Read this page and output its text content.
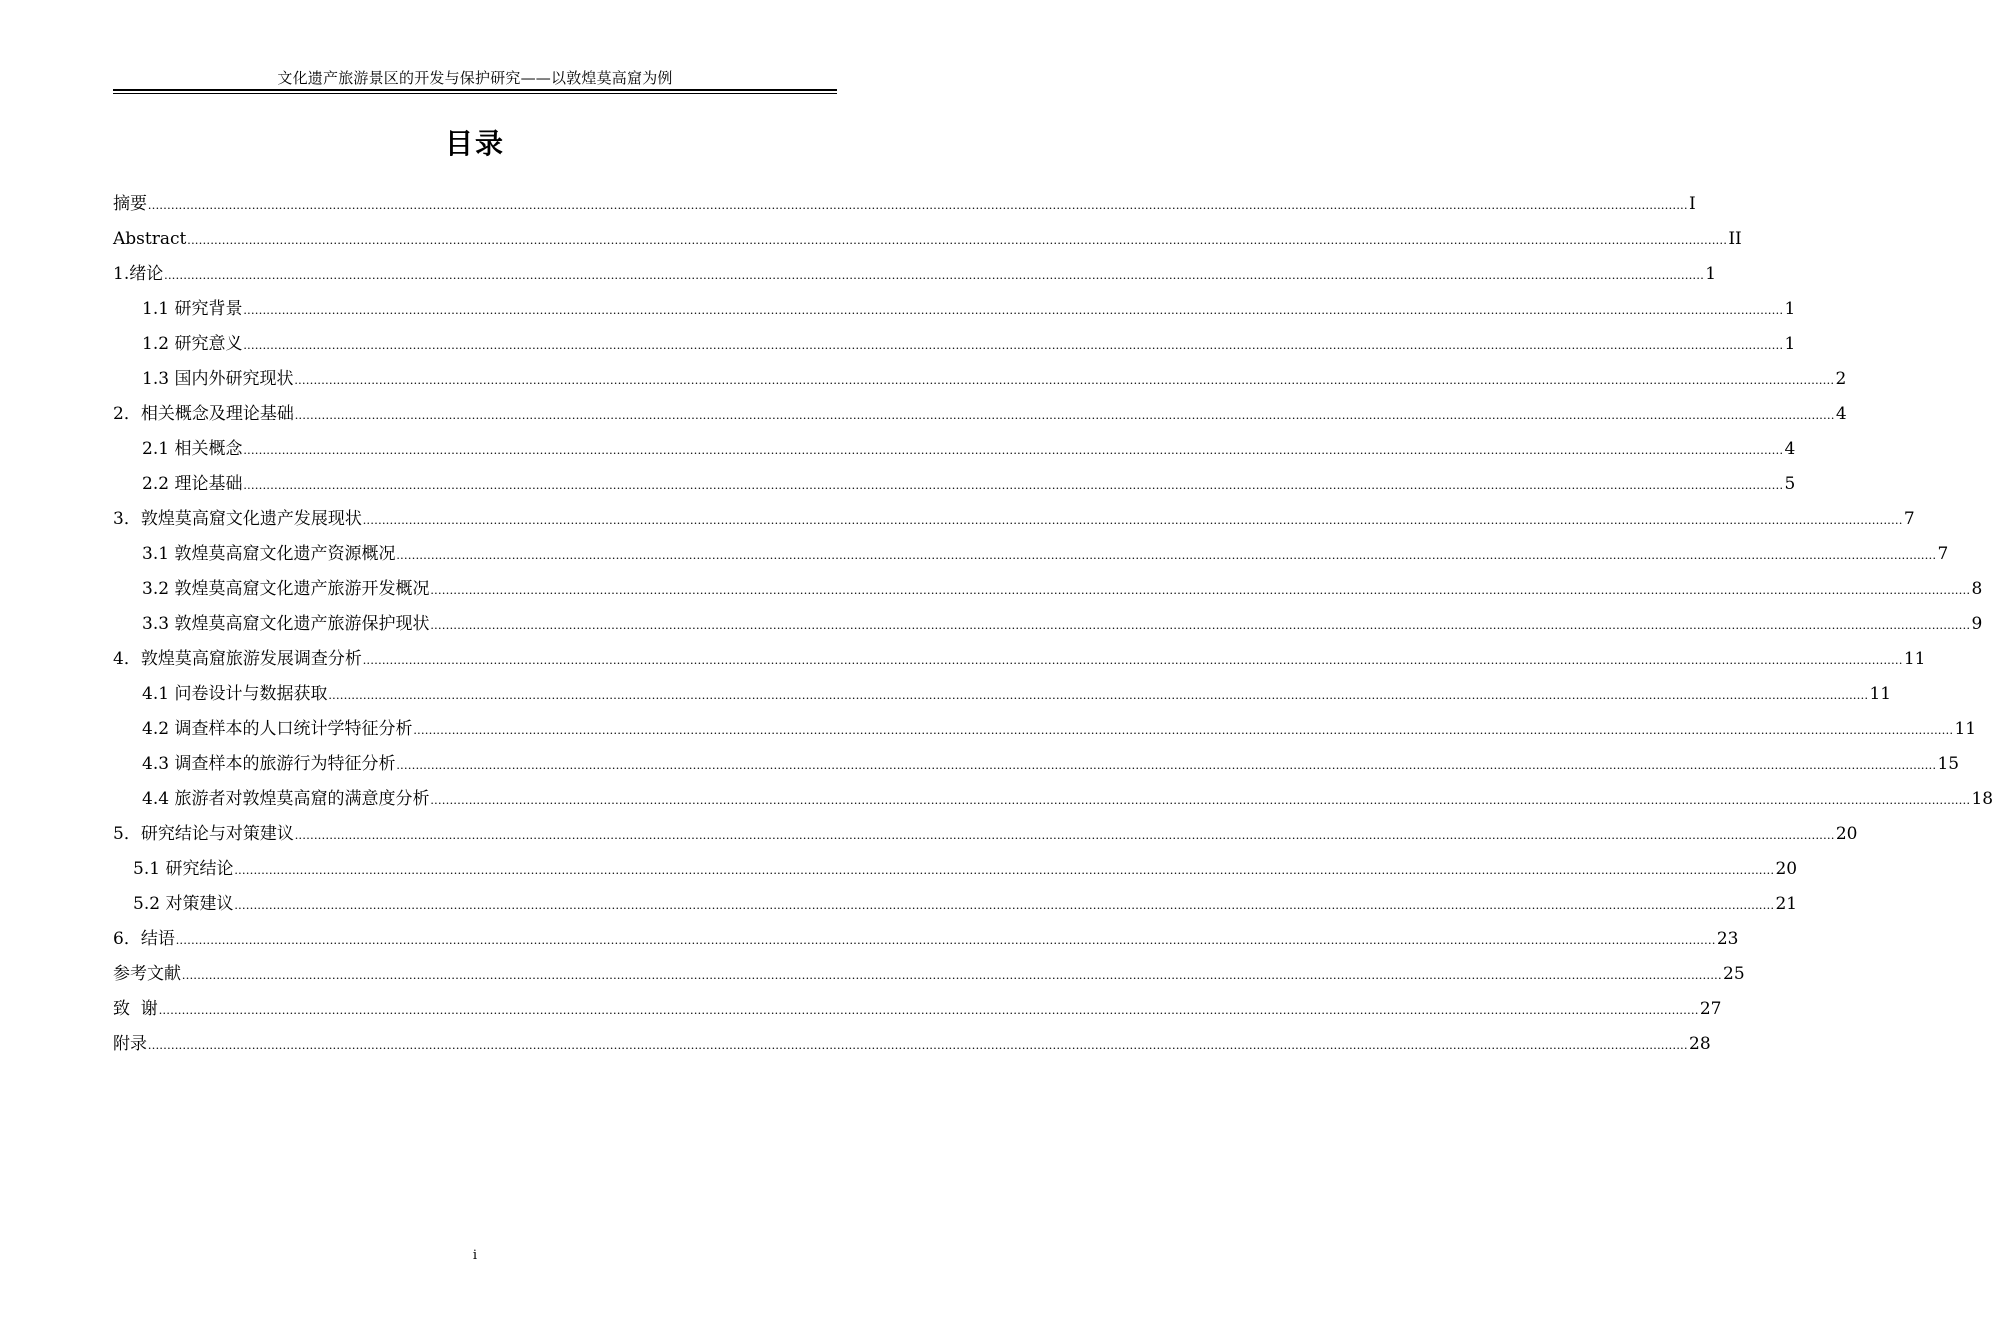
文化遗产旅游景区的开发与保护研究——以敦煌莫高窟为例
目录
摘要 ................................................................................................................................................................................................................................................................................................................................................................................................................ I
Abstract ................................................................................................................................................................................................................................................................................................................................................................................................................ II
1.绪论 ................................................................................................................................................................................................................................................................................................................................................................................................................ 1
1.1 研究背景 ................................................................................................................................................................................................................................................................................................................................................................................................................ 1
1.2 研究意义 ................................................................................................................................................................................................................................................................................................................................................................................................................ 1
1.3 国内外研究现状 ................................................................................................................................................................................................................................................................................................................................................................................................................ 2
2．相关概念及理论基础 ................................................................................................................................................................................................................................................................................................................................................................................................................ 4
2.1 相关概念 ................................................................................................................................................................................................................................................................................................................................................................................................................ 4
2.2 理论基础 ................................................................................................................................................................................................................................................................................................................................................................................................................ 5
3．敦煌莫高窟文化遗产发展现状 ................................................................................................................................................................................................................................................................................................................................................................................................................ 7
3.1 敦煌莫高窟文化遗产资源概况 ................................................................................................................................................................................................................................................................................................................................................................................................................ 7
3.2 敦煌莫高窟文化遗产旅游开发概况 ................................................................................................................................................................................................................................................................................................................................................................................................................ 8
3.3 敦煌莫高窟文化遗产旅游保护现状 ................................................................................................................................................................................................................................................................................................................................................................................................................ 9
4．敦煌莫高窟旅游发展调查分析 ................................................................................................................................................................................................................................................................................................................................................................................................................ 11
4.1 问卷设计与数据获取 ................................................................................................................................................................................................................................................................................................................................................................................................................ 11
4.2 调查样本的人口统计学特征分析 ................................................................................................................................................................................................................................................................................................................................................................................................................ 11
4.3 调查样本的旅游行为特征分析 ................................................................................................................................................................................................................................................................................................................................................................................................................ 15
4.4 旅游者对敦煌莫高窟的满意度分析 ................................................................................................................................................................................................................................................................................................................................................................................................................ 18
5．研究结论与对策建议 ................................................................................................................................................................................................................................................................................................................................................................................................................ 20
5.1 研究结论 ................................................................................................................................................................................................................................................................................................................................................................................................................ 20
5.2 对策建议 ................................................................................................................................................................................................................................................................................................................................................................................................................ 21
6．结语 ................................................................................................................................................................................................................................................................................................................................................................................................................ 23
参考文献 ................................................................................................................................................................................................................................................................................................................................................................................................................ 25
致  谢 ................................................................................................................................................................................................................................................................................................................................................................................................................ 27
附录 ................................................................................................................................................................................................................................................................................................................................................................................................................ 28
i
